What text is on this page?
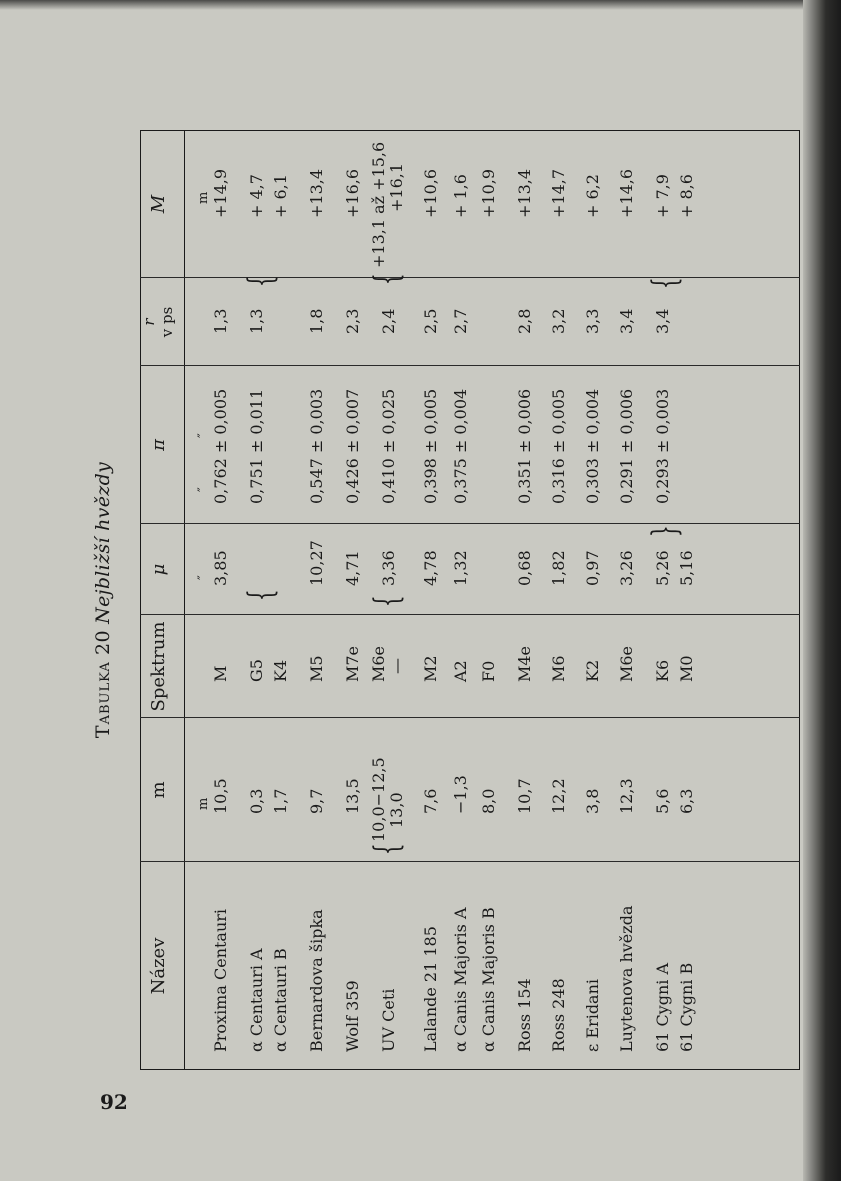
Tabulka 20 Nejbližší hvězdy
Název
m
Spektrum
μ
π
r v ps
M
Proxima Centauri
10,5
M
3,85
0,762 ± 0,005
1,3
+14,9
α Centauri A
0,3
G5
0,751 ± 0,011
1,3
+ 4,7
α Centauri B
1,7
K4
+ 6,1
Bernardova šipka
9,7
M5
10,27
0,547 ± 0,003
1,8
+13,4
Wolf 359
13,5
M7e
4,71
0,426 ± 0,007
2,3
+16,6
UV Ceti
10,0−12,5 13,0
M6e —
3,36
0,410 ± 0,025
2,4
+13,1 až +15,6 +16,1
Lalande 21 185
7,6
M2
4,78
0,398 ± 0,005
2,5
+10,6
α Canis Majoris A
−1,3
A2
1,32
0,375 ± 0,004
2,7
+ 1,6
α Canis Majoris B
8,0
F0
+10,9
Ross 154
10,7
M4e
0,68
0,351 ± 0,006
2,8
+13,4
Ross 248
12,2
M6
1,82
0,316 ± 0,005
3,2
+14,7
ε Eridani
3,8
K2
0,97
0,303 ± 0,004
3,3
+ 6,2
Luytenova hvězda
12,3
M6e
3,26
0,291 ± 0,006
3,4
+14,6
61 Cygni A
5,6
K6
5,26
0,293 ± 0,003
3,4
+ 7,9
61 Cygni B
6,3
M0
5,16
+ 8,6
m
″
″
″
m
{
{
{
{
{
}
{
92
